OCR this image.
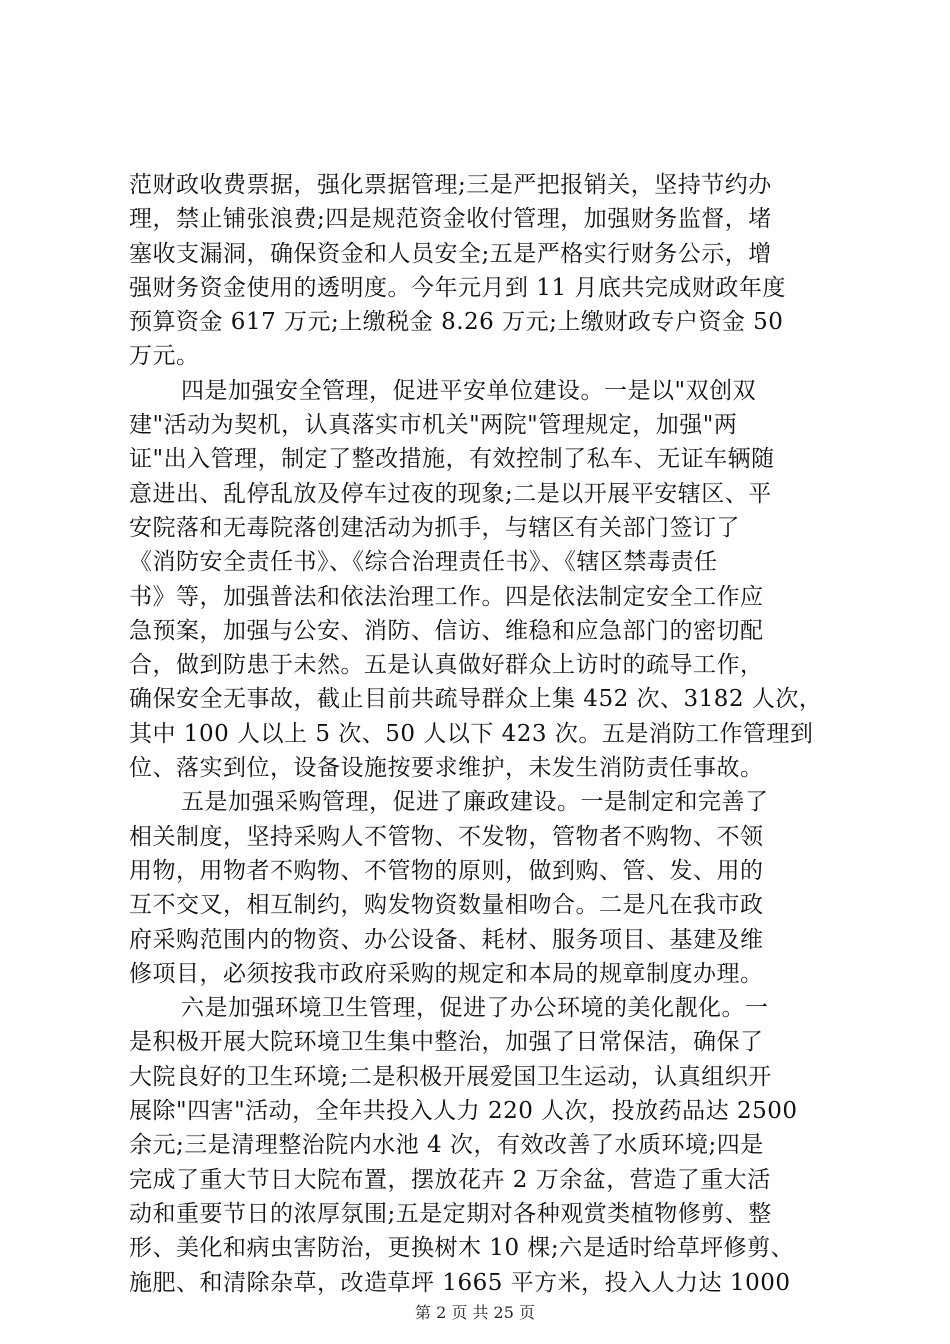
范财政收费票据，强化票据管理;三是严把报销关，坚持节约办
理，禁止铺张浪费;四是规范资金收付管理，加强财务监督，堵
塞收支漏洞，确保资金和人员安全;五是严格实行财务公示，增
强财务资金使用的透明度。今年元月到 11 月底共完成财政年度
预算资金 617 万元;上缴税金 8.26 万元;上缴财政专户资金 50
万元。
四是加强安全管理，促进平安单位建设。一是以"双创双
建"活动为契机，认真落实市机关"两院"管理规定，加强"两
证"出入管理，制定了整改措施，有效控制了私车、无证车辆随
意进出、乱停乱放及停车过夜的现象;二是以开展平安辖区、平
安院落和无毒院落创建活动为抓手，与辖区有关部门签订了
《消防安全责任书》、《综合治理责任书》、《辖区禁毒责任
书》等，加强普法和依法治理工作。四是依法制定安全工作应
急预案，加强与公安、消防、信访、维稳和应急部门的密切配
合，做到防患于未然。五是认真做好群众上访时的疏导工作，
确保安全无事故，截止目前共疏导群众上集 452 次、3182 人次，
其中 100 人以上 5 次、50 人以下 423 次。五是消防工作管理到
位、落实到位，设备设施按要求维护，未发生消防责任事故。
五是加强采购管理，促进了廉政建设。一是制定和完善了
相关制度，坚持采购人不管物、不发物，管物者不购物、不领
用物，用物者不购物、不管物的原则，做到购、管、发、用的
互不交叉，相互制约，购发物资数量相吻合。二是凡在我市政
府采购范围内的物资、办公设备、耗材、服务项目、基建及维
修项目，必须按我市政府采购的规定和本局的规章制度办理。
六是加强环境卫生管理，促进了办公环境的美化靓化。一
是积极开展大院环境卫生集中整治，加强了日常保洁，确保了
大院良好的卫生环境;二是积极开展爱国卫生运动，认真组织开
展除"四害"活动，全年共投入人力 220 人次，投放药品达 2500
余元;三是清理整治院内水池 4 次，有效改善了水质环境;四是
完成了重大节日大院布置，摆放花卉 2 万余盆，营造了重大活
动和重要节日的浓厚氛围;五是定期对各种观赏类植物修剪、整
形、美化和病虫害防治，更换树木 10 棵;六是适时给草坪修剪、
施肥、和清除杂草，改造草坪 1665 平方米，投入人力达 1000
第 2 页 共 25 页
